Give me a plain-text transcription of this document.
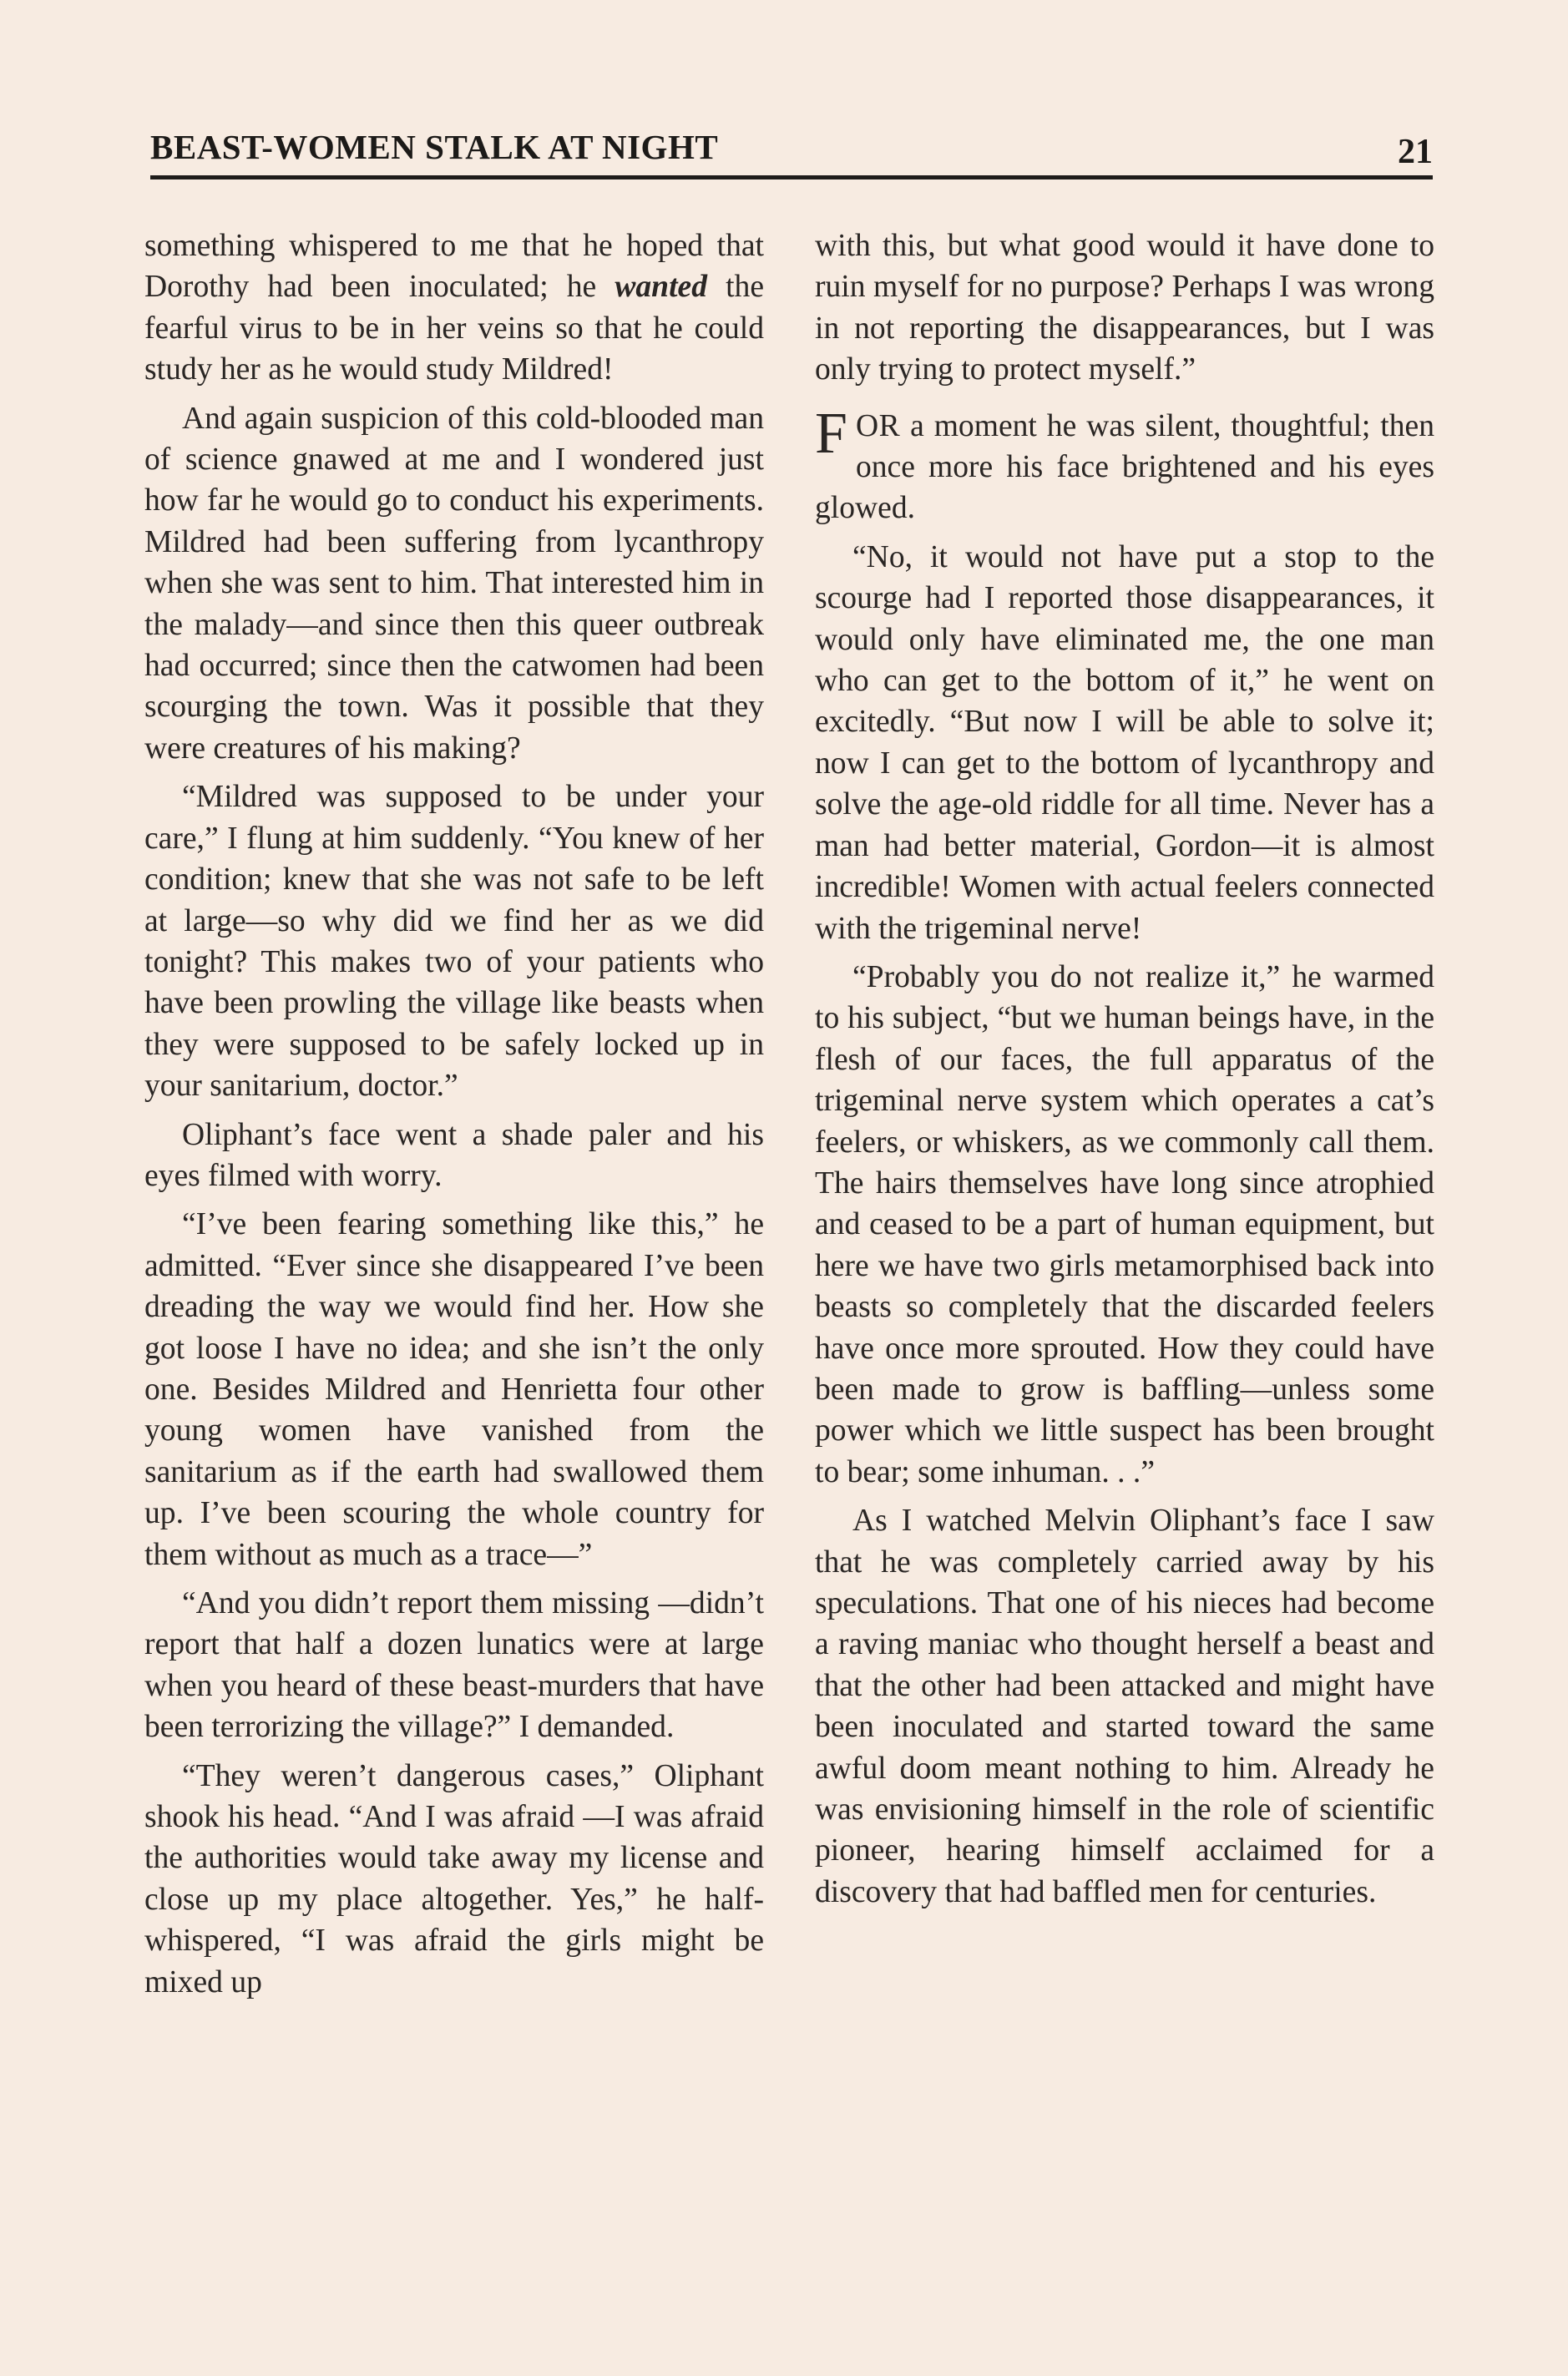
BEAST-WOMEN STALK AT NIGHT	21

something whispered to me that he hoped that Dorothy had been inoculated; he wanted the fearful virus to be in her veins so that he could study her as he would study Mildred!

And again suspicion of this cold-blooded man of science gnawed at me and I wondered just how far he would go to conduct his experiments. Mildred had been suffering from lycanthropy when she was sent to him. That interested him in the malady—and since then this queer outbreak had occurred; since then the catwomen had been scourging the town. Was it possible that they were creatures of his making?

“Mildred was supposed to be under your care,” I flung at him suddenly. “You knew of her condition; knew that she was not safe to be left at large—so why did we find her as we did tonight? This makes two of your patients who have been prowling the village like beasts when they were supposed to be safely locked up in your sanitarium, doctor.”

Oliphant’s face went a shade paler and his eyes filmed with worry.

“I’ve been fearing something like this,” he admitted. “Ever since she disappeared I’ve been dreading the way we would find her. How she got loose I have no idea; and she isn’t the only one. Besides Mildred and Henrietta four other young women have vanished from the sanitarium as if the earth had swallowed them up. I’ve been scouring the whole country for them without as much as a trace—”

“And you didn’t report them missing —didn’t report that half a dozen lunatics were at large when you heard of these beast-murders that have been terrorizing the village?” I demanded.

“They weren’t dangerous cases,” Oliphant shook his head. “And I was afraid —I was afraid the authorities would take away my license and close up my place altogether. Yes,” he half-whispered, “I was afraid the girls might be mixed up

with this, but what good would it have done to ruin myself for no purpose? Perhaps I was wrong in not reporting the disappearances, but I was only trying to protect myself.”

FOR a moment he was silent, thoughtful; then once more his face brightened and his eyes glowed.

“No, it would not have put a stop to the scourge had I reported those disappearances, it would only have eliminated me, the one man who can get to the bottom of it,” he went on excitedly. “But now I will be able to solve it; now I can get to the bottom of lycanthropy and solve the age-old riddle for all time. Never has a man had better material, Gordon—it is almost incredible! Women with actual feelers connected with the trigeminal nerve!

“Probably you do not realize it,” he warmed to his subject, “but we human beings have, in the flesh of our faces, the full apparatus of the trigeminal nerve system which operates a cat’s feelers, or whiskers, as we commonly call them. The hairs themselves have long since atrophied and ceased to be a part of human equipment, but here we have two girls metamorphised back into beasts so completely that the discarded feelers have once more sprouted. How they could have been made to grow is baffling—unless some power which we little suspect has been brought to bear; some inhuman. . .”

As I watched Melvin Oliphant’s face I saw that he was completely carried away by his speculations. That one of his nieces had become a raving maniac who thought herself a beast and that the other had been attacked and might have been inoculated and started toward the same awful doom meant nothing to him. Already he was envisioning himself in the role of scientific pioneer, hearing himself acclaimed for a discovery that had baffled men for centuries.
